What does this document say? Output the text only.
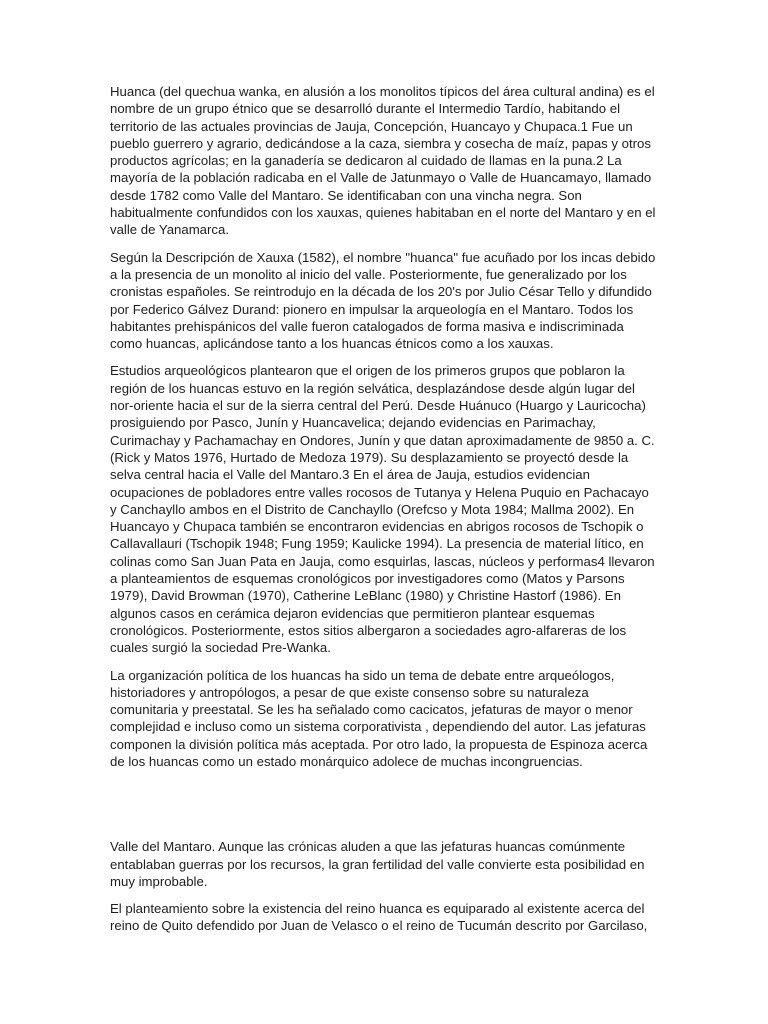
Huanca (del quechua wanka, en alusión a los monolitos típicos del área cultural andina) es el nombre de un grupo étnico que se desarrolló durante el Intermedio Tardío, habitando el territorio de las actuales provincias de Jauja, Concepción, Huancayo y Chupaca.1 Fue un pueblo guerrero y agrario, dedicándose a la caza, siembra y cosecha de maíz, papas y otros productos agrícolas; en la ganadería se dedicaron al cuidado de llamas en la puna.2 La mayoría de la población radicaba en el Valle de Jatunmayo o Valle de Huancamayo, llamado desde 1782 como Valle del Mantaro. Se identificaban con una vincha negra. Son habitualmente confundidos con los xauxas, quienes habitaban en el norte del Mantaro y en el valle de Yanamarca.

Según la Descripción de Xauxa (1582), el nombre "huanca" fue acuñado por los incas debido a la presencia de un monolito al inicio del valle. Posteriormente, fue generalizado por los cronistas españoles. Se reintrodujo en la década de los 20's por Julio César Tello y difundido por Federico Gálvez Durand: pionero en impulsar la arqueología en el Mantaro. Todos los habitantes prehispánicos del valle fueron catalogados de forma masiva e indiscriminada como huancas, aplicándose tanto a los huancas étnicos como a los xauxas.

Estudios arqueológicos plantearon que el origen de los primeros grupos que poblaron la región de los huancas estuvo en la región selvática, desplazándose desde algún lugar del nor-oriente hacia el sur de la sierra central del Perú. Desde Huánuco (Huargo y Lauricocha) prosiguiendo por Pasco, Junín y Huancavelica; dejando evidencias en Parimachay, Curimachay y Pachamachay en Ondores, Junín y que datan aproximadamente de 9850 a. C. (Rick y Matos 1976, Hurtado de Medoza 1979). Su desplazamiento se proyectó desde la selva central hacia el Valle del Mantaro.3 En el área de Jauja, estudios evidencian ocupaciones de pobladores entre valles rocosos de Tutanya y Helena Puquio en Pachacayo y Canchayllo ambos en el Distrito de Canchayllo (Orefcso y Mota 1984; Mallma 2002). En Huancayo y Chupaca también se encontraron evidencias en abrigos rocosos de Tschopik o Callavallauri (Tschopik 1948; Fung 1959; Kaulicke 1994). La presencia de material lítico, en colinas como San Juan Pata en Jauja, como esquirlas, lascas, núcleos y performas4 llevaron a planteamientos de esquemas cronológicos por investigadores como (Matos y Parsons 1979), David Browman (1970), Catherine LeBlanc (1980) y Christine Hastorf (1986). En algunos casos en cerámica dejaron evidencias que permitieron plantear esquemas cronológicos. Posteriormente, estos sitios albergaron a sociedades agro-alfareras de los cuales surgió la sociedad Pre-Wanka.

La organización política de los huancas ha sido un tema de debate entre arqueólogos, historiadores y antropólogos, a pesar de que existe consenso sobre su naturaleza comunitaria y preestatal. Se les ha señalado como cacicatos, jefaturas de mayor o menor complejidad e incluso como un sistema corporativista , dependiendo del autor. Las jefaturas componen la división política más aceptada. Por otro lado, la propuesta de Espinoza acerca de los huancas como un estado monárquico adolece de muchas incongruencias.

Valle del Mantaro. Aunque las crónicas aluden a que las jefaturas huancas comúnmente entablaban guerras por los recursos, la gran fertilidad del valle convierte esta posibilidad en muy improbable.

El planteamiento sobre la existencia del reino huanca es equiparado al existente acerca del reino de Quito defendido por Juan de Velasco o el reino de Tucumán descrito por Garcilaso,
